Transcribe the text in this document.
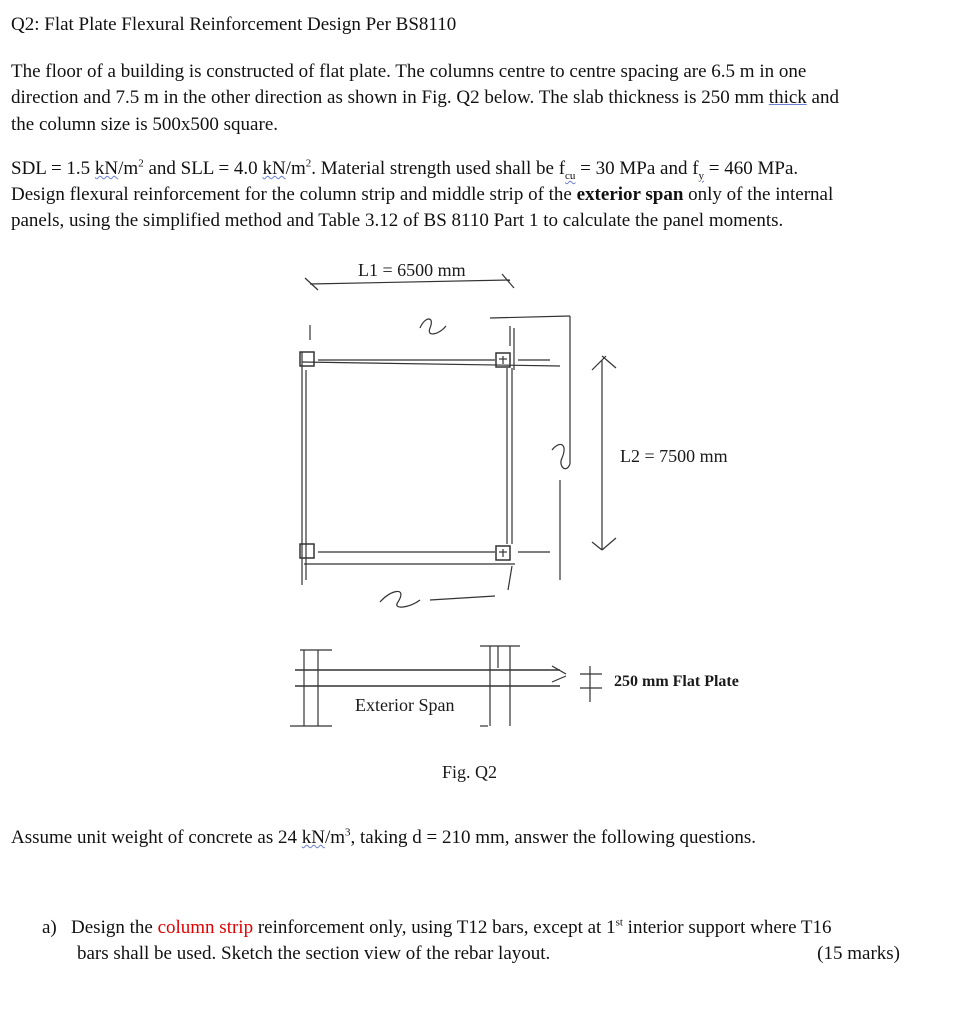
Q2: Flat Plate Flexural Reinforcement Design Per BS8110
The floor of a building is constructed of flat plate. The columns centre to centre spacing are 6.5 m in one
direction and 7.5 m in the other direction as shown in Fig. Q2 below. The slab thickness is 250 mm thick and
the column size is 500x500 square.
SDL = 1.5 $kN/m^2$ and SLL = 4.0 $kN/m^2$. Material strength used shall be $f_{cu} = 30$ MPa and $f_y = 460$ MPa.
Design flexural reinforcement for the column strip and middle strip of the exterior span only of the internal
panels, using the simplified method and Table 3.12 of BS 8110 Part 1 to calculate the panel moments.
L1 = 6500 mm
L2 = 7500 mm
250 mm Flat Plate
Exterior Span
Fig. Q2
Assume unit weight of concrete as 24 $kN/m^3$, taking d = 210 mm, answer the following questions.
a) Design the column strip reinforcement only, using T12 bars, except at 1st interior support where T16
bars shall be used. Sketch the section view of the rebar layout.	(15 marks)
